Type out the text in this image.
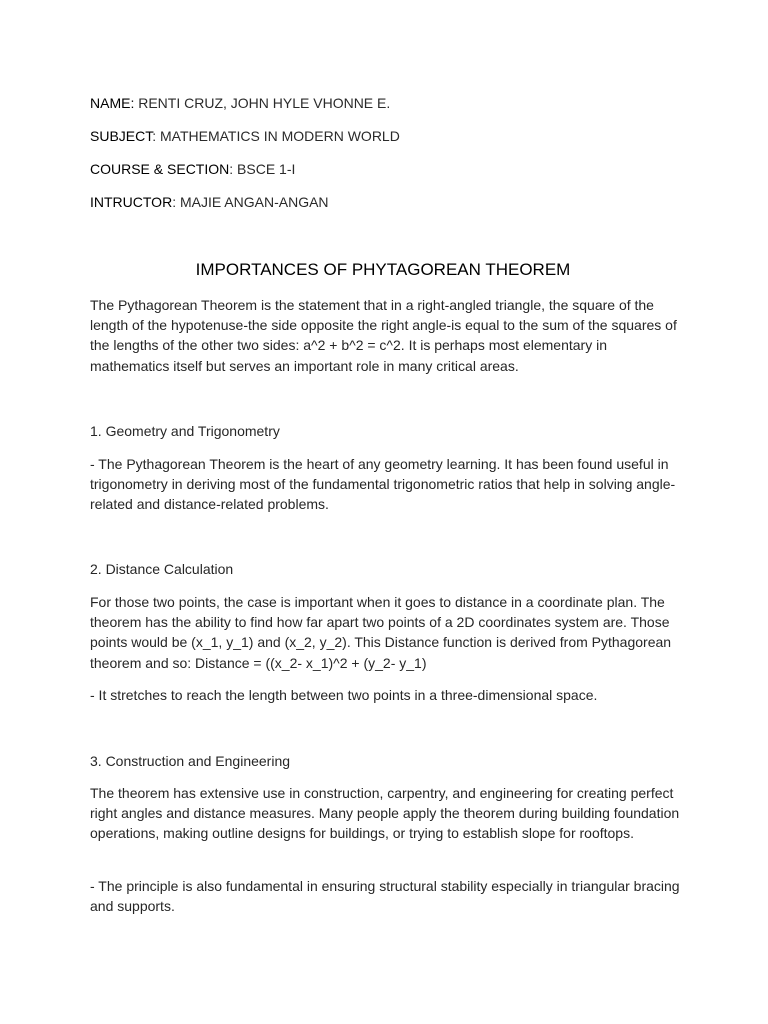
NAME: RENTI CRUZ, JOHN HYLE VHONNE E.
SUBJECT: MATHEMATICS IN MODERN WORLD
COURSE & SECTION: BSCE 1-I
INTRUCTOR: MAJIE ANGAN-ANGAN
IMPORTANCES OF PHYTAGOREAN THEOREM
The Pythagorean Theorem is the statement that in a right-angled triangle, the square of the length of the hypotenuse-the side opposite the right angle-is equal to the sum of the squares of the lengths of the other two sides: a^2 + b^2 = c^2. It is perhaps most elementary in mathematics itself but serves an important role in many critical areas.
1. Geometry and Trigonometry
- The Pythagorean Theorem is the heart of any geometry learning. It has been found useful in trigonometry in deriving most of the fundamental trigonometric ratios that help in solving angle-related and distance-related problems.
2. Distance Calculation
For those two points, the case is important when it goes to distance in a coordinate plan. The theorem has the ability to find how far apart two points of a 2D coordinates system are. Those points would be (x_1, y_1) and (x_2, y_2). This Distance function is derived from Pythagorean theorem and so: Distance = ((x_2- x_1)^2 + (y_2- y_1)
- It stretches to reach the length between two points in a three-dimensional space.
3. Construction and Engineering
The theorem has extensive use in construction, carpentry, and engineering for creating perfect right angles and distance measures. Many people apply the theorem during building foundation operations, making outline designs for buildings, or trying to establish slope for rooftops.
- The principle is also fundamental in ensuring structural stability especially in triangular bracing and supports.
